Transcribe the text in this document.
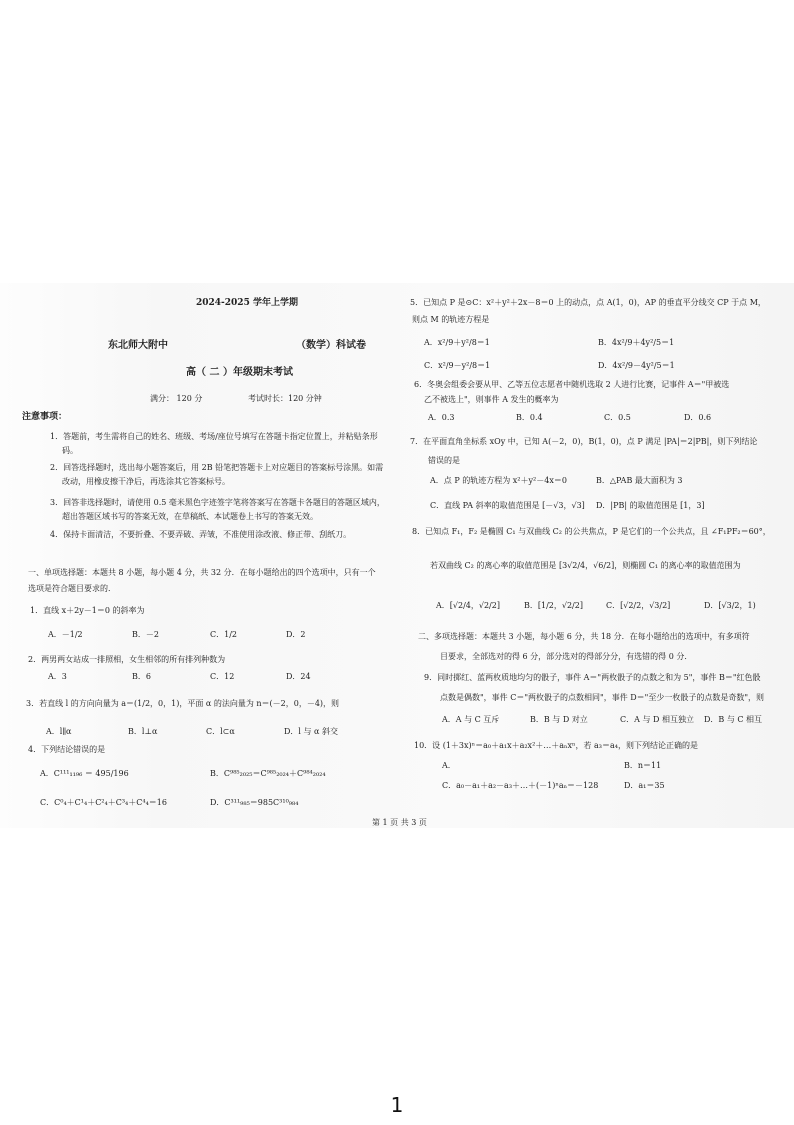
2024-2025 学年上学期
东北师大附中	（数学）科试卷
高（ 二 ）年级期末考试
满分： 120 分	考试时长：120 分钟
注意事项：
1．答题前，考生需将自己的姓名、班级、考场/座位号填写在答题卡指定位置上，并粘贴条形
码。
2．回答选择题时，选出每小题答案后，用 2B 铅笔把答题卡上对应题目的答案标号涂黑。如需
改动，用橡皮擦干净后，再选涂其它答案标号。
3．回答非选择题时，请使用 0.5 毫米黑色字迹签字笔将答案写在答题卡各题目的答题区域内，
超出答题区域书写的答案无效，在草稿纸、本试题卷上书写的答案无效。
4．保持卡面清洁，不要折叠、不要弄破、弄皱，不准使用涂改液、修正带、刮纸刀。
一、单项选择题：本题共 8 小题，每小题 4 分，共 32 分．在每小题给出的四个选项中，只有一个
选项是符合题目要求的．
1．直线 x＋2y－1＝0 的斜率为
A．－1/2	B．－2	C．1/2	D．2
2．两男两女站成一排照相，女生相邻的所有排列种数为
A．3	B．6	C．12	D．24
3．若直线 l 的方向向量为 a＝(1/2，0，1)，平面 α 的法向量为 n＝(－2，0，－4)，则
A．l∥α	B．l⊥α	C．l⊂α	D．l 与 α 斜交
4．下列结论错误的是
A．C¹¹¹₁₁₉₆ ＝ 495/196	B．C⁹⁸⁵₂₀₂₅＝C⁹⁸⁵₂₀₂₄＋C⁹⁸⁴₂₀₂₄
C．C⁰₄＋C¹₄＋C²₄＋C³₄＋C⁴₄＝16	D．C³¹¹₉₈₅＝985C³¹⁰₉₈₄
5．已知点 P 是⊙C：x²＋y²＋2x－8＝0 上的动点，点 A(1，0)，AP 的垂直平分线交 CP 于点 M，
则点 M 的轨迹方程是
A．x²/9＋y²/8＝1	B．4x²/9＋4y²/5＝1
C．x²/9－y²/8＝1	D．4x²/9－4y²/5＝1
6．冬奥会组委会要从甲、乙等五位志愿者中随机选取 2 人进行比赛，记事件 A＝"甲被选
乙不被选上"，则事件 A 发生的概率为
A．0.3	B．0.4	C．0.5	D．0.6
7．在平面直角坐标系 xOy 中，已知 A(－2，0)，B(1，0)，点 P 满足 |PA|＝2|PB|，则下列结论
错误的是
A．点 P 的轨迹方程为 x²＋y²－4x＝0	B．△PAB 最大面积为 3
C．直线 PA 斜率的取值范围是 [－√3，√3] D．|PB| 的取值范围是 [1，3]
8．已知点 F₁，F₂ 是椭圆 C₁ 与双曲线 C₂ 的公共焦点，P 是它们的一个公共点，且 ∠F₁PF₂＝60°，
若双曲线 C₂ 的离心率的取值范围是 [3√2/4，√6/2]，则椭圆 C₁ 的离心率的取值范围为
A．[√2/4，√2/2]	B．[1/2，√2/2]	C．[√2/2，√3/2]	D．[√3/2，1)
二、多项选择题：本题共 3 小题，每小题 6 分，共 18 分．在每小题给出的选项中，有多项符
目要求，全部选对的得 6 分，部分选对的得部分分，有选错的得 0 分．
9．同时掷红、蓝两枚质地均匀的骰子，事件 A＝"两枚骰子的点数之和为 5"，事件 B＝"红色骰
点数是偶数"，事件 C＝"两枚骰子的点数相同"，事件 D＝"至少一枚骰子的点数是奇数"，则
A．A 与 C 互斥	B．B 与 D 对立	C．A 与 D 相互独立 D．B 与 C 相互
10．设 (1＋3x)ⁿ＝a₀＋a₁x＋a₂x²＋…＋aₙxⁿ，若 a₃＝a₄，则下列结论正确的是
A．	B．n＝11
C．a₀－a₁＋a₂－a₃＋…＋(－1)ⁿaₙ＝－128	D．a₁＝35
第 1 页 共 3 页
1
